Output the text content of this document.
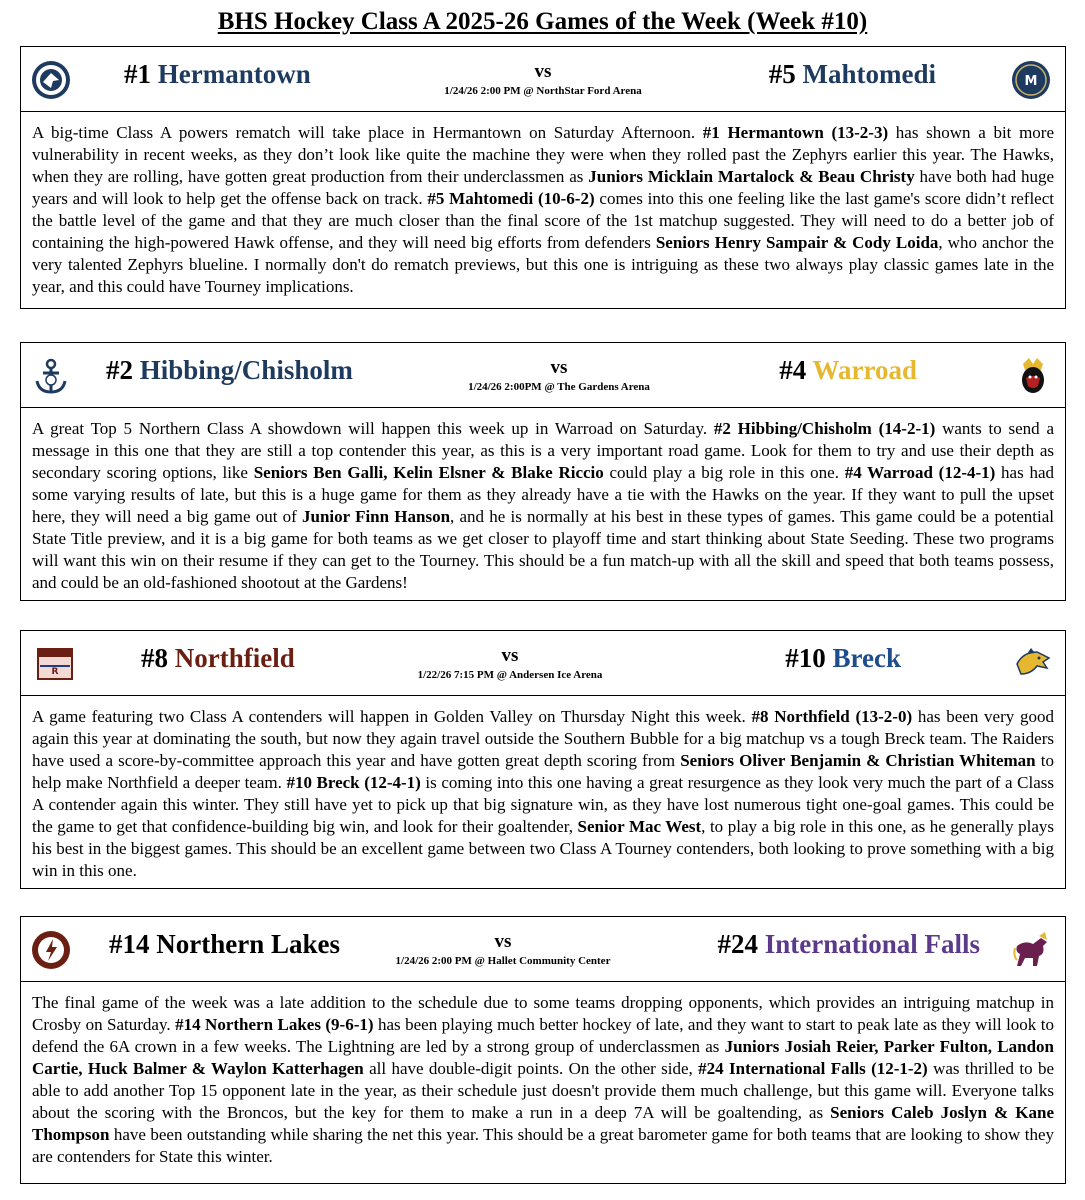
BHS Hockey Class A 2025-26 Games of the Week (Week #10)
#1 Hermantown	vs
1/24/26 2:00 PM @ NorthStar Ford Arena
#5 Mahtomedi	M
A big-time Class A powers rematch will take place in Hermantown on Saturday Afternoon. #1 Hermantown (13-2-3) has shown a bit more vulnerability in recent weeks, as they don’t look like quite the machine they were when they rolled past the Zephyrs earlier this year. The Hawks, when they are rolling, have gotten great production from their underclassmen as Juniors Micklain Martalock & Beau Christy have both had huge years and will look to help get the offense back on track. #5 Mahtomedi (10-6-2) comes into this one feeling like the last game's score didn’t reflect the battle level of the game and that they are much closer than the final score of the 1st matchup suggested. They will need to do a better job of containing the high-powered Hawk offense, and they will need big efforts from defenders Seniors Henry Sampair & Cody Loida, who anchor the very talented Zephyrs blueline. I normally don't do rematch previews, but this one is intriguing as these two always play classic games late in the year, and this could have Tourney implications.
#2 Hibbing/Chisholm	vs
1/24/26 2:00PM @ The Gardens Arena
#4 Warroad
A great Top 5 Northern Class A showdown will happen this week up in Warroad on Saturday. #2 Hibbing/Chisholm (14-2-1) wants to send a message in this one that they are still a top contender this year, as this is a very important road game. Look for them to try and use their depth as secondary scoring options, like Seniors Ben Galli, Kelin Elsner & Blake Riccio could play a big role in this one. #4 Warroad (12-4-1) has had some varying results of late, but this is a huge game for them as they already have a tie with the Hawks on the year. If they want to pull the upset here, they will need a big game out of Junior Finn Hanson, and he is normally at his best in these types of games. This game could be a potential State Title preview, and it is a big game for both teams as we get closer to playoff time and start thinking about State Seeding. These two programs will want this win on their resume if they can get to the Tourney. This should be a fun match-up with all the skill and speed that both teams possess, and could be an old-fashioned shootout at the Gardens!
R	#8 Northfield	vs
1/22/26 7:15 PM @ Andersen Ice Arena
#10 Breck
A game featuring two Class A contenders will happen in Golden Valley on Thursday Night this week. #8 Northfield (13-2-0) has been very good again this year at dominating the south, but now they again travel outside the Southern Bubble for a big matchup vs a tough Breck team. The Raiders have used a score-by-committee approach this year and have gotten great depth scoring from Seniors Oliver Benjamin & Christian Whiteman to help make Northfield a deeper team. #10 Breck (12-4-1) is coming into this one having a great resurgence as they look very much the part of a Class A contender again this winter. They still have yet to pick up that big signature win, as they have lost numerous tight one-goal games. This could be the game to get that confidence-building big win, and look for their goaltender, Senior Mac West, to play a big role in this one, as he generally plays his best in the biggest games. This should be an excellent game between two Class A Tourney contenders, both looking to prove something with a big win in this one.
#14 Northern Lakes	vs
1/24/26 2:00 PM @ Hallet Community Center
#24 International Falls
The final game of the week was a late addition to the schedule due to some teams dropping opponents, which provides an intriguing matchup in Crosby on Saturday. #14 Northern Lakes (9-6-1) has been playing much better hockey of late, and they want to start to peak late as they will look to defend the 6A crown in a few weeks. The Lightning are led by a strong group of underclassmen as Juniors Josiah Reier, Parker Fulton, Landon Cartie, Huck Balmer & Waylon Katterhagen all have double-digit points. On the other side, #24 International Falls (12-1-2) was thrilled to be able to add another Top 15 opponent late in the year, as their schedule just doesn't provide them much challenge, but this game will. Everyone talks about the scoring with the Broncos, but the key for them to make a run in a deep 7A will be goaltending, as Seniors Caleb Joslyn & Kane Thompson have been outstanding while sharing the net this year. This should be a great barometer game for both teams that are looking to show they are contenders for State this winter.
